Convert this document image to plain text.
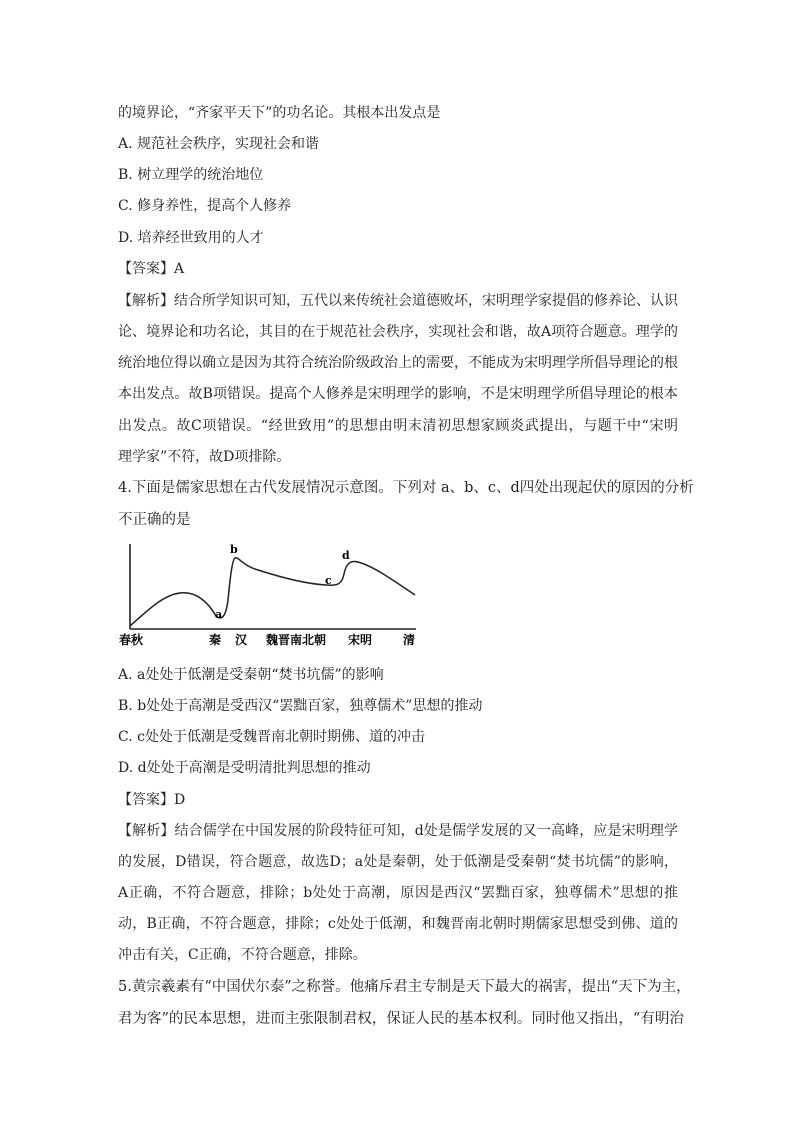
的境界论，“齐家平天下”的功名论。其根本出发点是
A. 规范社会秩序，实现社会和谐
B. 树立理学的统治地位
C. 修身养性，提高个人修养
D. 培养经世致用的人才
【答案】A
【解析】结合所学知识可知，五代以来传统社会道德败坏，宋明理学家提倡的修养论、认识
论、境界论和功名论，其目的在于规范社会秩序，实现社会和谐，故A项符合题意。理学的
统治地位得以确立是因为其符合统治阶级政治上的需要，不能成为宋明理学所倡导理论的根
本出发点。故B项错误。提高个人修养是宋明理学的影响，不是宋明理学所倡导理论的根本
出发点。故C项错误。“经世致用”的思想由明末清初思想家顾炎武提出，与题干中“宋明
理学家”不符，故D项排除。
4.下面是儒家思想在古代发展情况示意图。下列对 a、b、c、d四处出现起伏的原因的分析
不正确的是
a
b
c
d
春秋	秦 汉 魏晋南北朝 宋明	清
A. a处处于低潮是受秦朝“焚书坑儒”的影响
B. b处处于高潮是受西汉“罢黜百家，独尊儒术”思想的推动
C. c处处于低潮是受魏晋南北朝时期佛、道的冲击
D. d处处于高潮是受明清批判思想的推动
【答案】D
【解析】结合儒学在中国发展的阶段特征可知，d处是儒学发展的又一高峰，应是宋明理学
的发展，D错误，符合题意，故选D；a处是秦朝，处于低潮是受秦朝“焚书坑儒”的影响，
A正确，不符合题意，排除；b处处于高潮，原因是西汉“罢黜百家，独尊儒术”思想的推
动，B正确，不符合题意，排除；c处处于低潮，和魏晋南北朝时期儒家思想受到佛、道的
冲击有关，C正确，不符合题意，排除。
5.黄宗羲素有“中国伏尔泰”之称誉。他痛斥君主专制是天下最大的祸害，提出“天下为主，
君为客”的民本思想，进而主张限制君权，保证人民的基本权利。同时他又指出，“有明治
